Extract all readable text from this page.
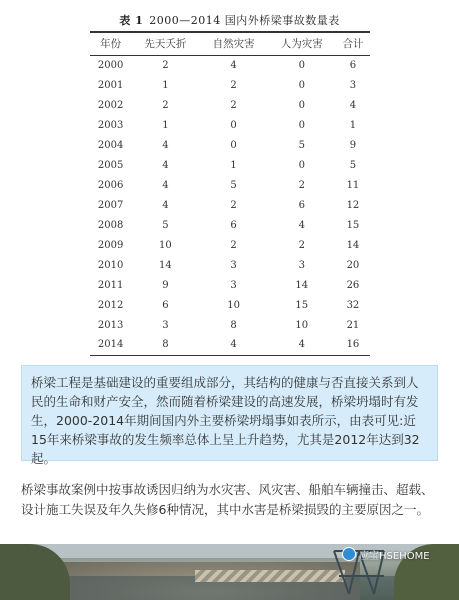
表 1 2000—2014 国内外桥梁事故数量表
年份	先天夭折	自然灾害	人为灾害	合计
2000	2	4	0	6
2001	1	2	0	3
2002	2	2	0	4
2003	1	0	0	1
2004	4	0	5	9
2005	4	1	0	5
2006	4	5	2	11
2007	4	2	6	12
2008	5	6	4	15
2009	10	2	2	14
2010	14	3	3	20
2011	9	3	14	26
2012	6	10	15	32
2013	3	8	10	21
2014	8	4	4	16
桥梁工程是基础建设的重要组成部分，其结构的健康与否直接关系到人民的生命和财产安全，然而随着桥梁建设的高速发展，桥梁坍塌时有发生，2000-2014年期间国内外主要桥梁坍塌事如表所示，由表可见:近15年来桥梁事故的发生频率总体上呈上升趋势，尤其是2012年达到32起。
桥梁事故案例中按事故诱因归纳为水灾害、风灾害、船舶车辆撞击、超载、设计施工失误及年久失修6种情况，其中水害是桥梁损毁的主要原因之一。
应宝HSEHOME
